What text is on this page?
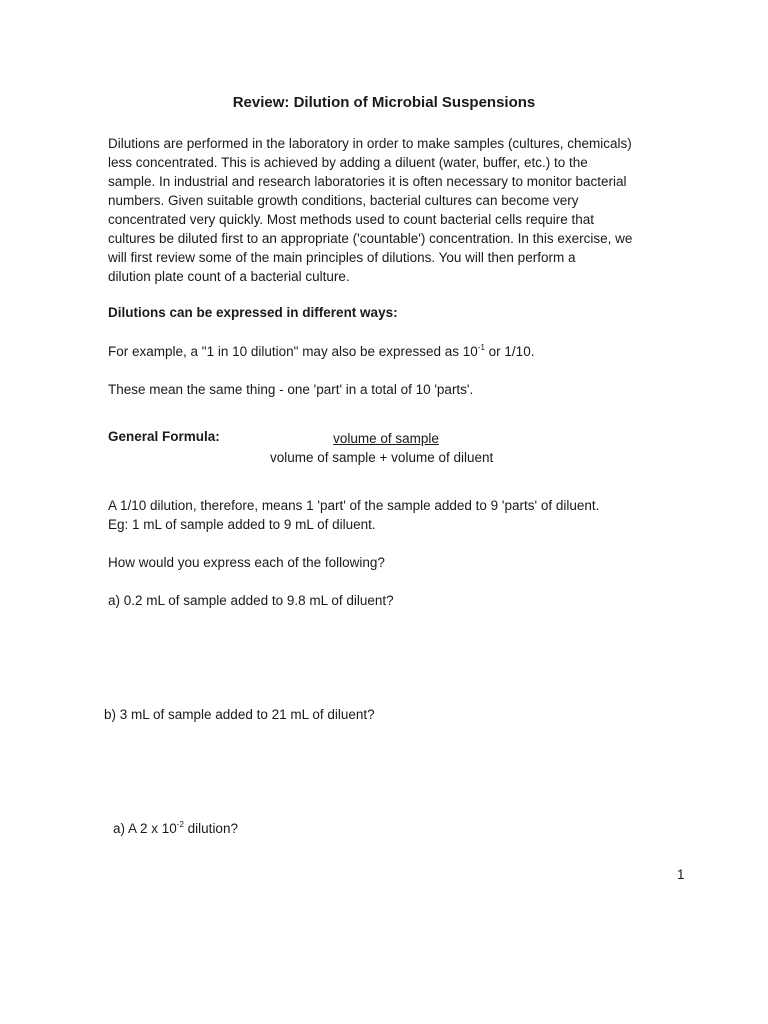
Review: Dilution of Microbial Suspensions
Dilutions are performed in the laboratory in order to make samples (cultures, chemicals)
less concentrated. This is achieved by adding a diluent (water, buffer, etc.) to the
sample. In industrial and research laboratories it is often necessary to monitor bacterial
numbers. Given suitable growth conditions, bacterial cultures can become very
concentrated very quickly. Most methods used to count bacterial cells require that
cultures be diluted first to an appropriate ('countable') concentration. In this exercise, we
will first review some of the main principles of dilutions. You will then perform a
dilution plate count of a bacterial culture.
Dilutions can be expressed in different ways:
For example, a "1 in 10 dilution" may also be expressed as $10^{-1}$ or 1/10.
These mean the same thing - one 'part' in a total of 10 'parts'.
General Formula:	volume of sample
volume of sample + volume of diluent
A 1/10 dilution, therefore, means 1 'part' of the sample added to 9 'parts' of diluent.
Eg: 1 mL of sample added to 9 mL of diluent.
How would you express each of the following?
a) 0.2 mL of sample added to 9.8 mL of diluent?
b) 3 mL of sample added to 21 mL of diluent?
a) A 2 x $10^{-2}$ dilution?
1
